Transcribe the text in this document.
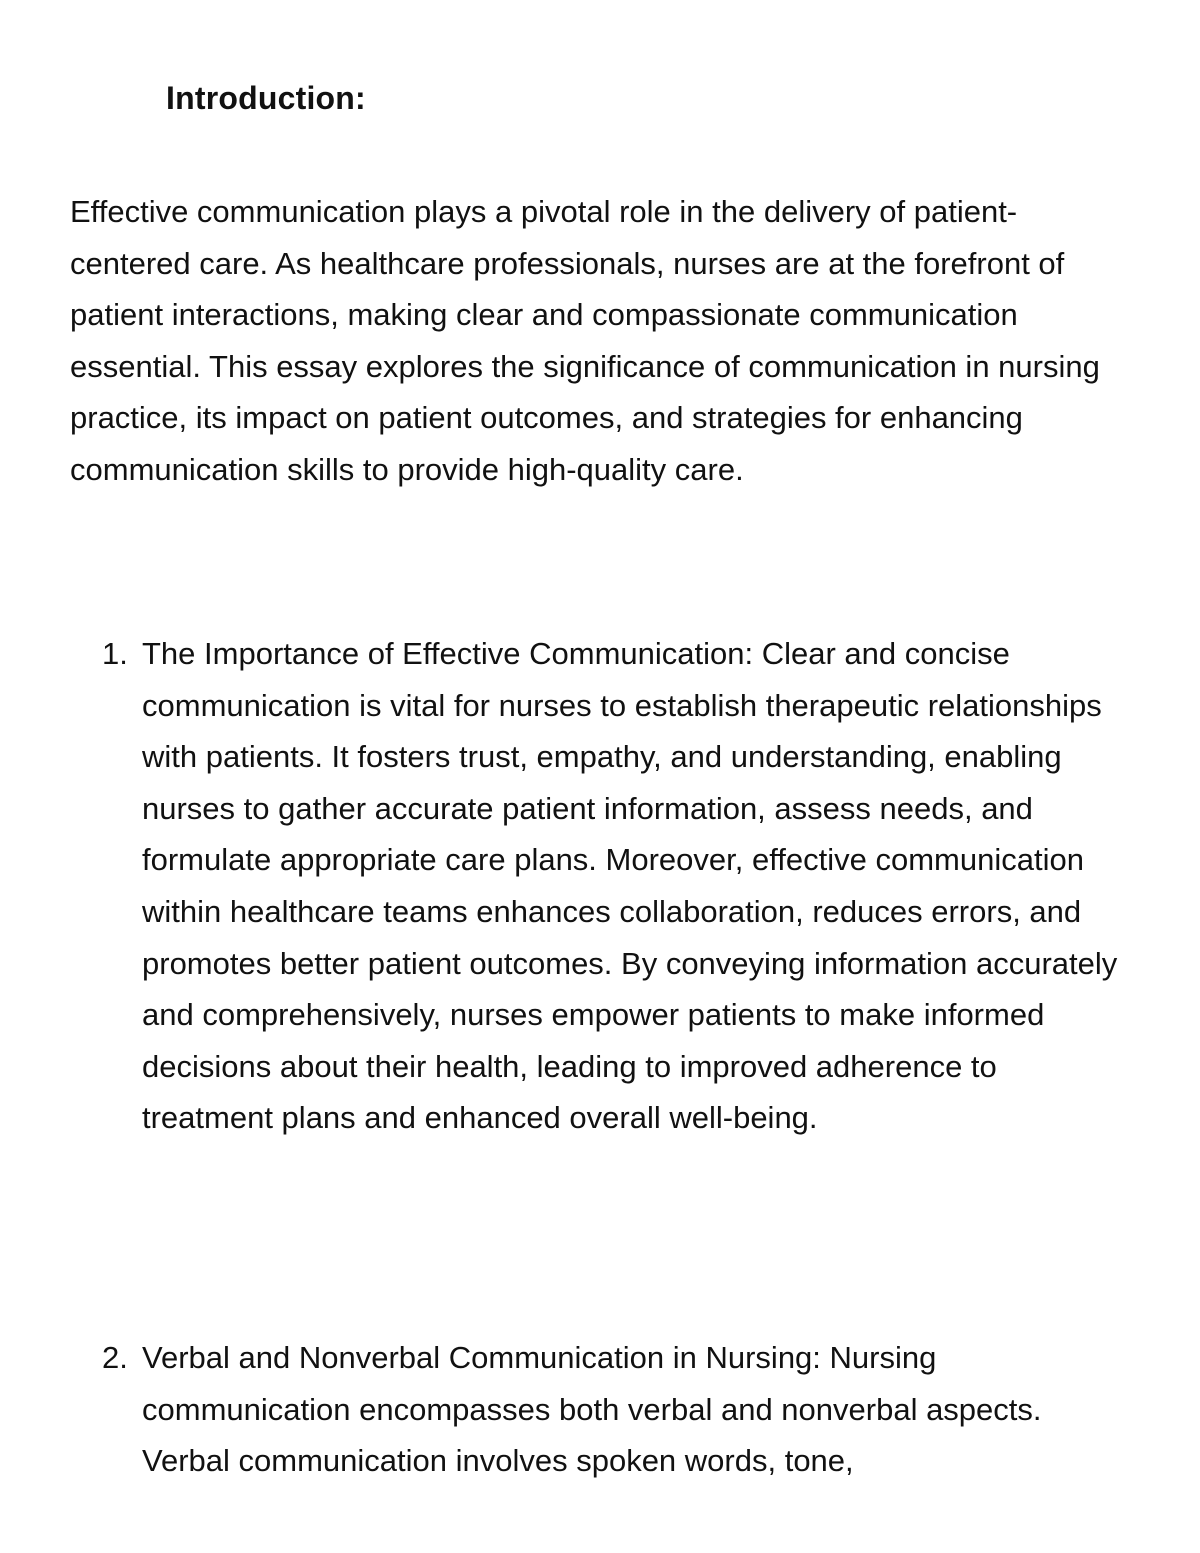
Introduction:

Effective communication plays a pivotal role in the delivery of patient-centered care. As healthcare professionals, nurses are at the forefront of patient interactions, making clear and compassionate communication essential. This essay explores the significance of communication in nursing practice, its impact on patient outcomes, and strategies for enhancing communication skills to provide high-quality care.

1. The Importance of Effective Communication: Clear and concise communication is vital for nurses to establish therapeutic relationships with patients. It fosters trust, empathy, and understanding, enabling nurses to gather accurate patient information, assess needs, and formulate appropriate care plans. Moreover, effective communication within healthcare teams enhances collaboration, reduces errors, and promotes better patient outcomes. By conveying information accurately and comprehensively, nurses empower patients to make informed decisions about their health, leading to improved adherence to treatment plans and enhanced overall well-being.

2. Verbal and Nonverbal Communication in Nursing: Nursing communication encompasses both verbal and nonverbal aspects. Verbal communication involves spoken words, tone,
